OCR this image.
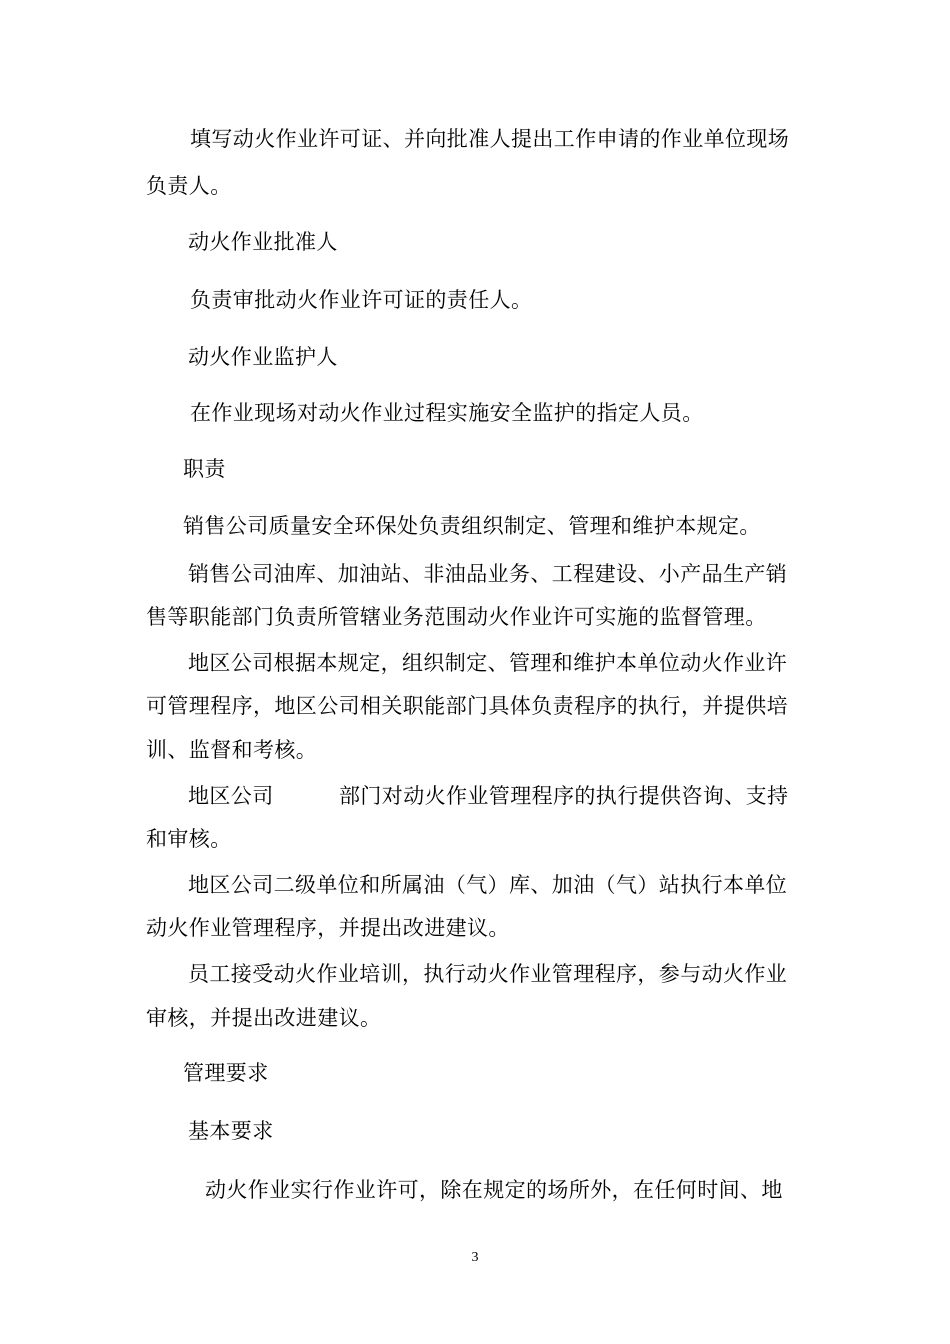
填写动火作业许可证、并向批准人提出工作申请的作业单位现场
负责人。
动火作业批准人
负责审批动火作业许可证的责任人。
动火作业监护人
在作业现场对动火作业过程实施安全监护的指定人员。
职责
销售公司质量安全环保处负责组织制定、管理和维护本规定。
销售公司油库、加油站、非油品业务、工程建设、小产品生产销
售等职能部门负责所管辖业务范围动火作业许可实施的监督管理。
地区公司根据本规定，组织制定、管理和维护本单位动火作业许
可管理程序，地区公司相关职能部门具体负责程序的执行，并提供培
训、监督和考核。
地区公司	部门对动火作业管理程序的执行提供咨询、支持
和审核。
地区公司二级单位和所属油（气）库、加油（气）站执行本单位
动火作业管理程序，并提出改进建议。
员工接受动火作业培训，执行动火作业管理程序，参与动火作业
审核，并提出改进建议。
管理要求
基本要求
动火作业实行作业许可，除在规定的场所外，在任何时间、地
3
